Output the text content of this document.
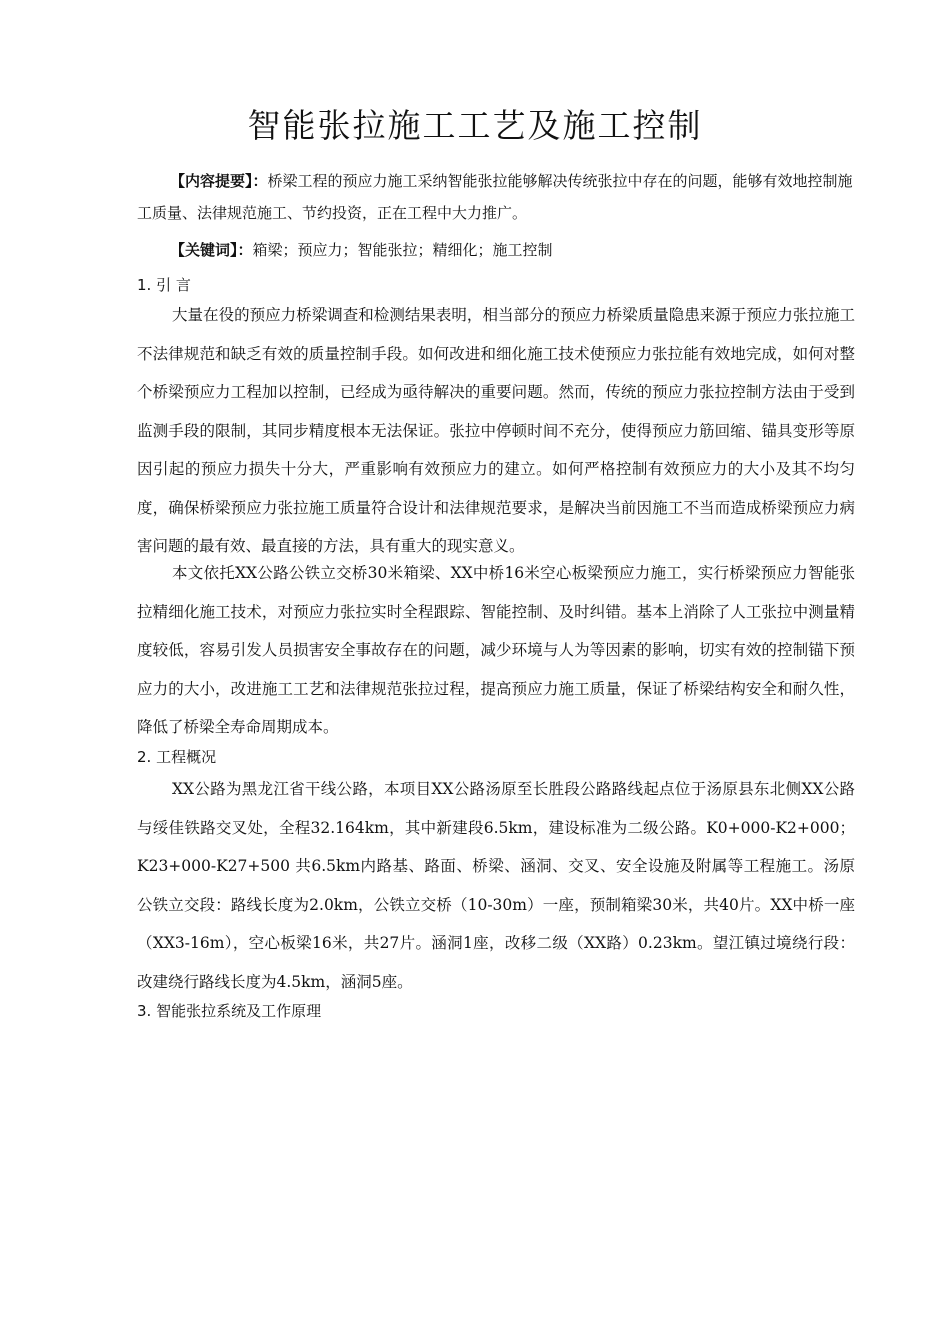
智能张拉施工工艺及施工控制

【内容提要】：桥梁工程的预应力施工采纳智能张拉能够解决传统张拉中存在的问题，能够有效地控制施工质量、法律规范施工、节约投资，正在工程中大力推广。

【关键词】：箱梁；预应力；智能张拉；精细化；施工控制

1. 引 言

大量在役的预应力桥梁调查和检测结果表明，相当部分的预应力桥梁质量隐患来源于预应力张拉施工不法律规范和缺乏有效的质量控制手段。如何改进和细化施工技术使预应力张拉能有效地完成，如何对整个桥梁预应力工程加以控制，已经成为亟待解决的重要问题。然而，传统的预应力张拉控制方法由于受到监测手段的限制，其同步精度根本无法保证。张拉中停顿时间不充分，使得预应力筋回缩、锚具变形等原因引起的预应力损失十分大，严重影响有效预应力的建立。如何严格控制有效预应力的大小及其不均匀度，确保桥梁预应力张拉施工质量符合设计和法律规范要求，是解决当前因施工不当而造成桥梁预应力病害问题的最有效、最直接的方法，具有重大的现实意义。

本文依托XX公路公铁立交桥30米箱梁、XX中桥16米空心板梁预应力施工，实行桥梁预应力智能张拉精细化施工技术，对预应力张拉实时全程跟踪、智能控制、及时纠错。基本上消除了人工张拉中测量精度较低，容易引发人员损害安全事故存在的问题，减少环境与人为等因素的影响，切实有效的控制锚下预应力的大小，改进施工工艺和法律规范张拉过程，提高预应力施工质量，保证了桥梁结构安全和耐久性，降低了桥梁全寿命周期成本。

2. 工程概况

XX公路为黑龙江省干线公路，本项目XX公路汤原至长胜段公路路线起点位于汤原县东北侧XX公路与绥佳铁路交叉处，全程32.164km，其中新建段6.5km，建设标准为二级公路。K0+000-K2+000；K23+000-K27+500 共6.5km内路基、路面、桥梁、涵洞、交叉、安全设施及附属等工程施工。汤原公铁立交段：路线长度为2.0km，公铁立交桥（10-30m）一座，预制箱梁30米，共40片。XX中桥一座（XX3-16m），空心板梁16米，共27片。涵洞1座，改移二级（XX路）0.23km。望江镇过境绕行段：改建绕行路线长度为4.5km，涵洞5座。

3. 智能张拉系统及工作原理
